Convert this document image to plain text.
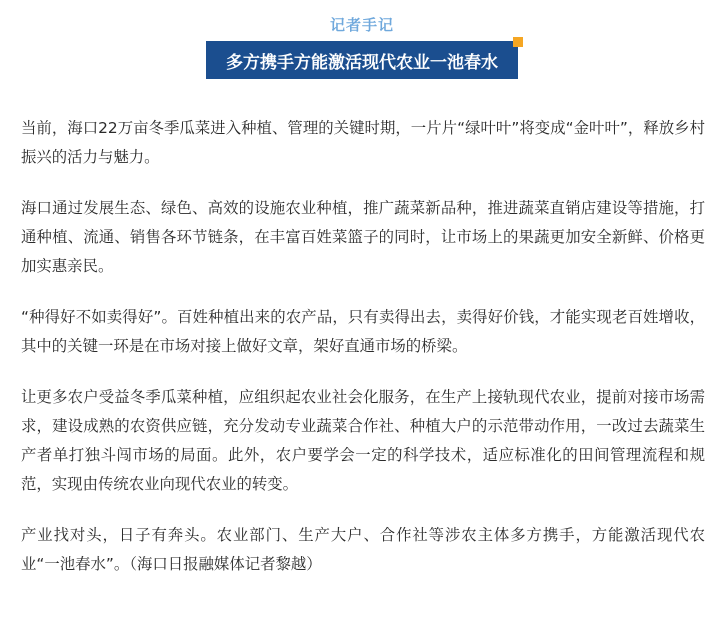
记者手记
多方携手方能激活现代农业一池春水

当前，海口22万亩冬季瓜菜进入种植、管理的关键时期，一片片“绿叶叶”将变成“金叶叶”，释放乡村振兴的活力与魅力。

海口通过发展生态、绿色、高效的设施农业种植，推广蔬菜新品种，推进蔬菜直销店建设等措施，打通种植、流通、销售各环节链条，在丰富百姓菜篮子的同时，让市场上的果蔬更加安全新鲜、价格更加实惠亲民。

“种得好不如卖得好”。百姓种植出来的农产品，只有卖得出去，卖得好价钱，才能实现老百姓增收，其中的关键一环是在市场对接上做好文章，架好直通市场的桥梁。

让更多农户受益冬季瓜菜种植，应组织起农业社会化服务，在生产上接轨现代农业，提前对接市场需求，建设成熟的农资供应链，充分发动专业蔬菜合作社、种植大户的示范带动作用，一改过去蔬菜生产者单打独斗闯市场的局面。此外，农户要学会一定的科学技术，适应标准化的田间管理流程和规范，实现由传统农业向现代农业的转变。

产业找对头，日子有奔头。农业部门、生产大户、合作社等涉农主体多方携手，方能激活现代农业“一池春水”。（海口日报融媒体记者黎越）
